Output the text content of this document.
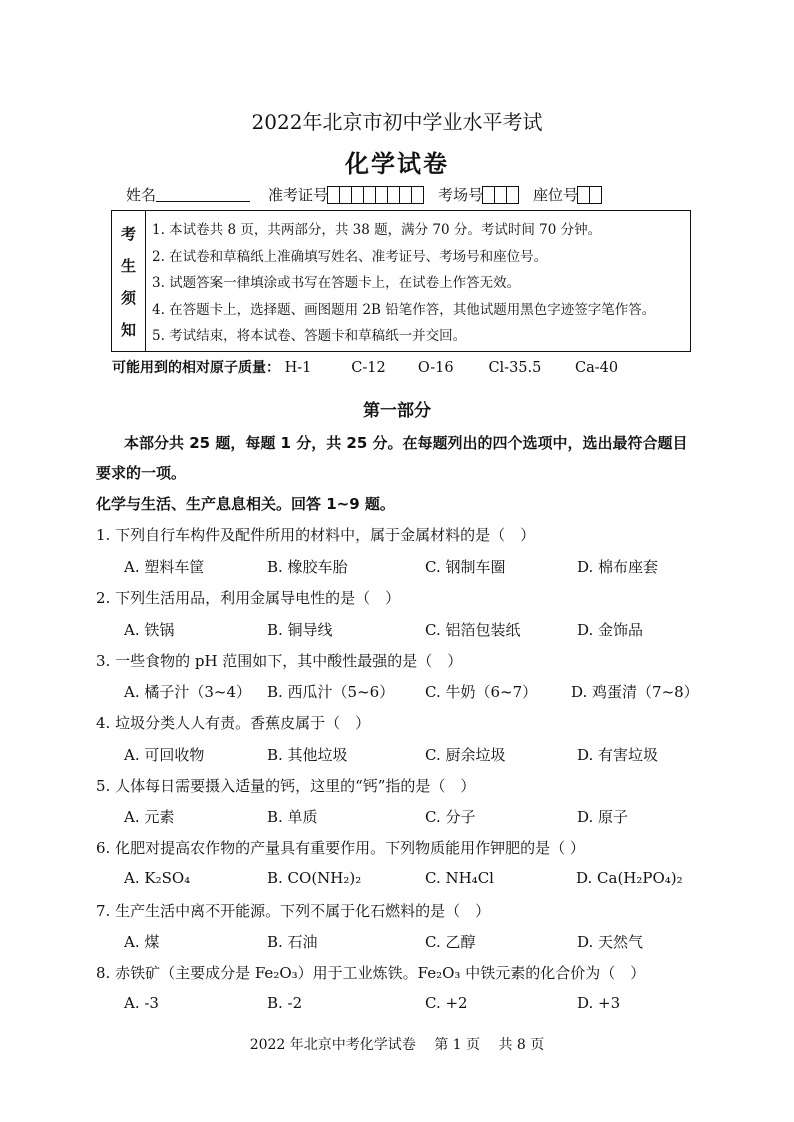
2022年北京市初中学业水平考试
化学试卷
姓名	准考证号	考场号	座位号
考
生
须
知
1. 本试卷共 8 页，共两部分，共 38 题，满分 70 分。考试时间 70 分钟。
2. 在试卷和草稿纸上准确填写姓名、准考证号、考场号和座位号。
3. 试题答案一律填涂或书写在答题卡上，在试卷上作答无效。
4. 在答题卡上，选择题、画图题用 2B 铅笔作答，其他试题用黑色字迹签字笔作答。
5. 考试结束，将本试卷、答题卡和草稿纸一并交回。
可能用到的相对原子质量： H-1	C-12 O-16 Cl-35.5 Ca-40
第一部分
本部分共 25 题，每题 1 分，共 25 分。在每题列出的四个选项中，选出最符合题目
要求的一项。
化学与生活、生产息息相关。回答 1~9 题。
1. 下列自行车构件及配件所用的材料中，属于金属材料的是（　）
A. 塑料车筐	B. 橡胶车胎	C. 钢制车圈	D. 棉布座套
2. 下列生活用品，利用金属导电性的是（　）
A. 铁锅	B. 铜导线	C. 铝箔包装纸	D. 金饰品
3. 一些食物的 pH 范围如下，其中酸性最强的是（　）
A. 橘子汁（3~4） B. 西瓜汁（5~6） C. 牛奶（6~7） D. 鸡蛋清（7~8）
4. 垃圾分类人人有责。香蕉皮属于（　）
A. 可回收物	B. 其他垃圾	C. 厨余垃圾	D. 有害垃圾
5. 人体每日需要摄入适量的钙，这里的“钙”指的是（　）
A. 元素	B. 单质	C. 分子	D. 原子
6. 化肥对提高农作物的产量具有重要作用。下列物质能用作钾肥的是（ ）
A. K₂SO₄	B. CO(NH₂)₂	C. NH₄Cl	D. Ca(H₂PO₄)₂
7. 生产生活中离不开能源。下列不属于化石燃料的是（　）
A. 煤	B. 石油	C. 乙醇	D. 天然气
8. 赤铁矿（主要成分是 Fe₂O₃）用于工业炼铁。Fe₂O₃ 中铁元素的化合价为（　）
A. -3	B. -2	C. +2	D. +3
2022 年北京中考化学试卷　 第 1 页　 共 8 页
